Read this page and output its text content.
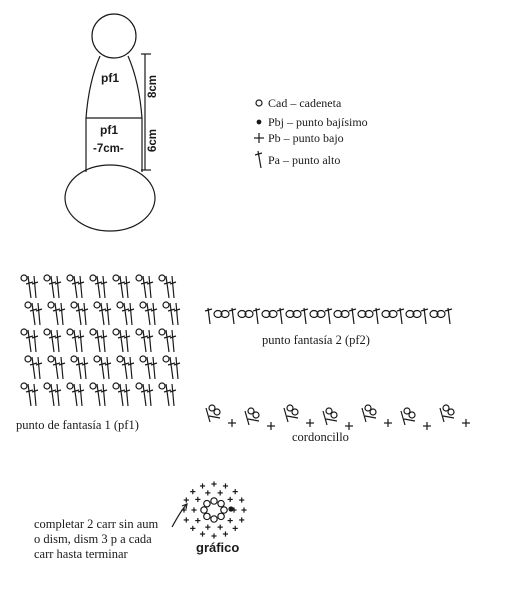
pf1
pf1
-7cm-
8cm
6cm
Cad – cadeneta
Pbj – punto bajísimo
Pb – punto bajo
Pa – punto alto
punto de fantasía 1 (pf1)
punto fantasía 2 (pf2)
cordoncillo
gráfico
completar 2 carr sin aum
o dism, dism 3 p a cada
carr hasta terminar
